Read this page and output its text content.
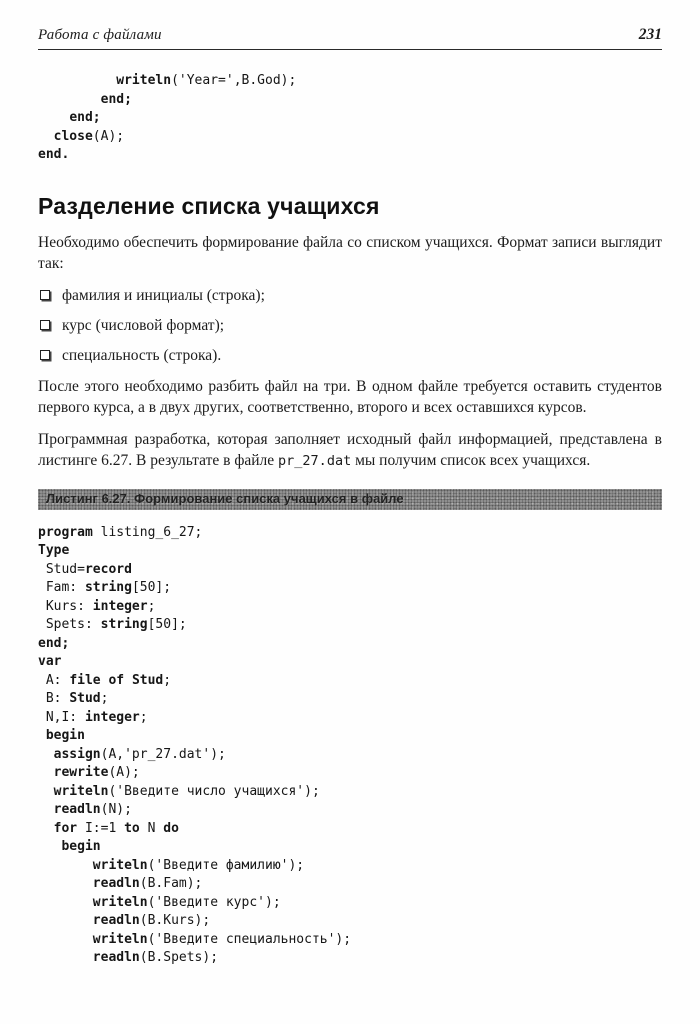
Работа с файлами	231
writeln('Year=',B.God);
end;
end;
close(A);
end.
Разделение списка учащихся
Необходимо обеспечить формирование файла со списком учащихся. Формат записи выглядит так:
фамилия и инициалы (строка);
курс (числовой формат);
специальность (строка).
После этого необходимо разбить файл на три. В одном файле требуется оставить студентов первого курса, а в двух других, соответственно, второго и всех оставшихся курсов.
Программная разработка, которая заполняет исходный файл информацией, представлена в листинге 6.27. В результате в файле pr_27.dat мы получим список всех учащихся.
Листинг 6.27. Формирование списка учащихся в файле
program listing_6_27;
Type
Stud=record
Fam: string[50];
Kurs: integer;
Spets: string[50];
end;
var
A: file of Stud;
B: Stud;
N,I: integer;
begin
assign(A,'pr_27.dat');
rewrite(A);
writeln('Введите число учащихся');
readln(N);
for I:=1 to N do
begin
writeln('Введите фамилию');
readln(B.Fam);
writeln('Введите курс');
readln(B.Kurs);
writeln('Введите специальность');
readln(B.Spets);
